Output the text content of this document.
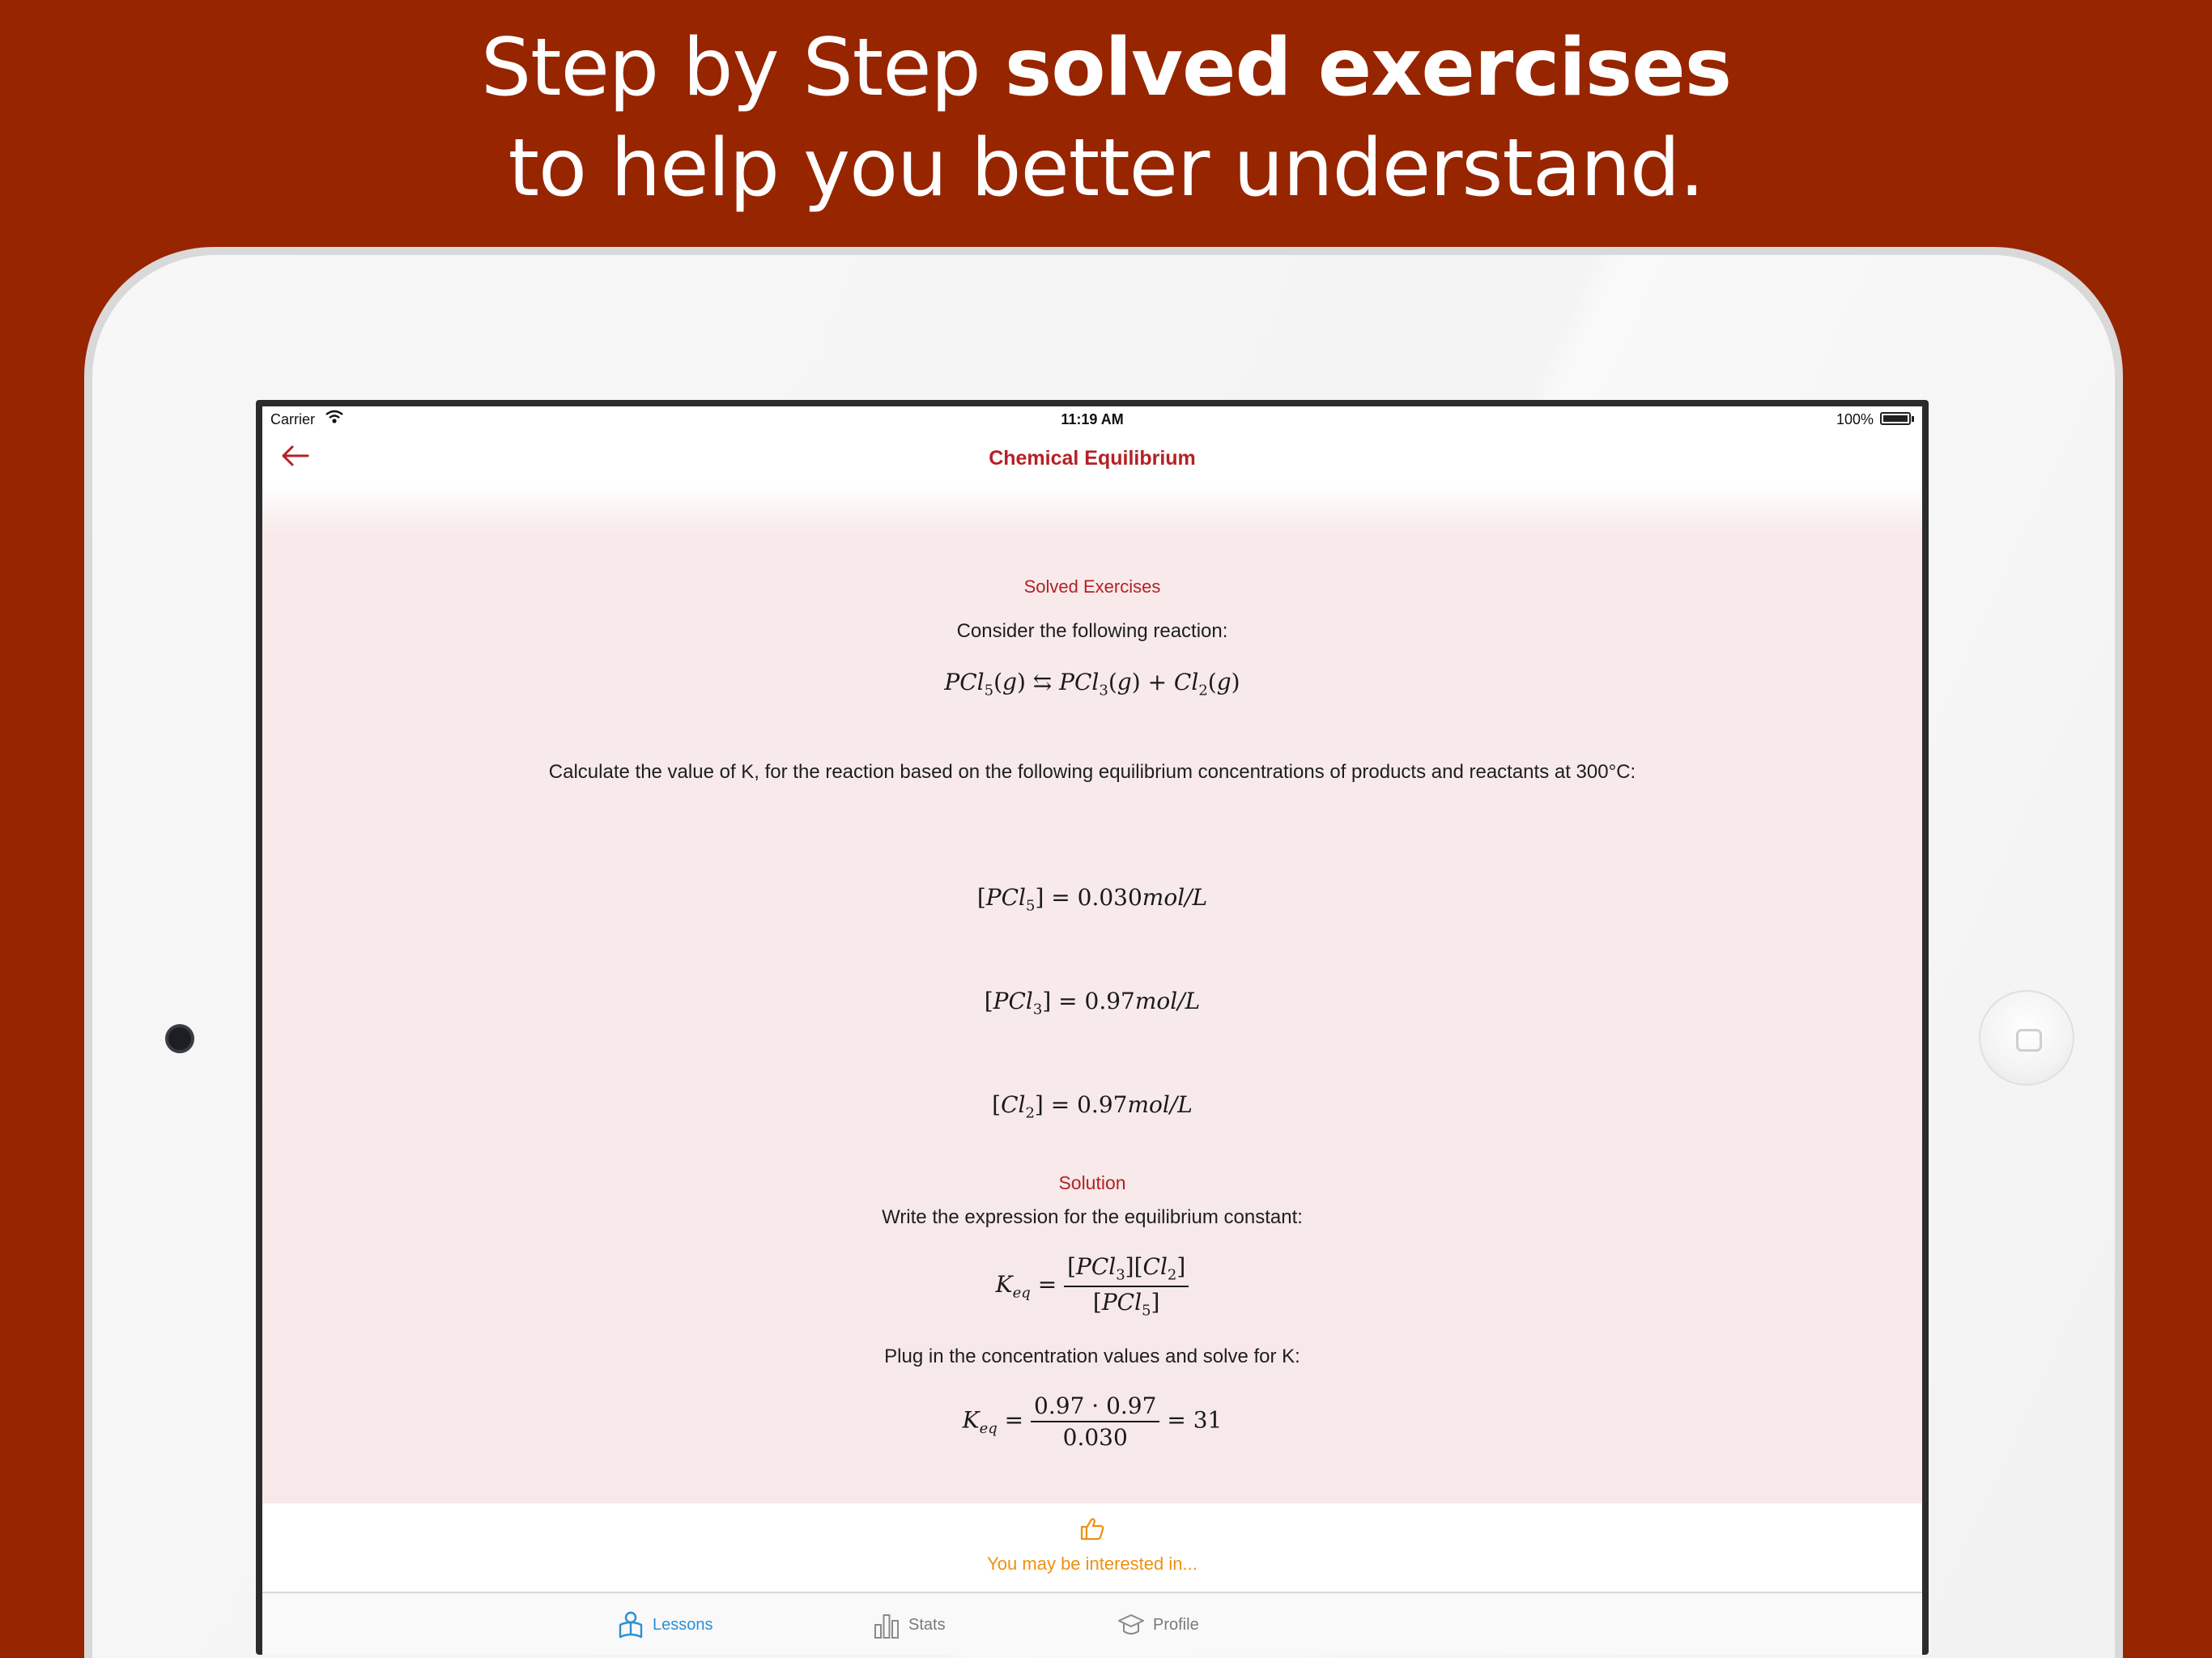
Step by Step solved exercises
to help you better understand.
Carrier	11:19 AM	100%
Chemical Equilibrium
Solved Exercises
Consider the following reaction:
PCl$_5$(g) ⇆ $PCl_3(g) + Cl_2(g)$
Calculate the value of K, for the reaction based on the following equilibrium concentrations of products and reactants at 300°C:
[PCl$_5$] = 0.030mol/L
[PCl$_3$] = 0.97mol/L
$[Cl_2] = 0.97mol/L$
Solution
Write the expression for the equilibrium constant:
$K_{eq} = \frac{[PCl_3][Cl_2]}{[PCl_5]}$
Plug in the concentration values and solve for K:
$K_{eq} = \frac{0.97 \cdot 0.97}{0.030} = 31$
You may be interested in...
Lessons	Stats	Profile
